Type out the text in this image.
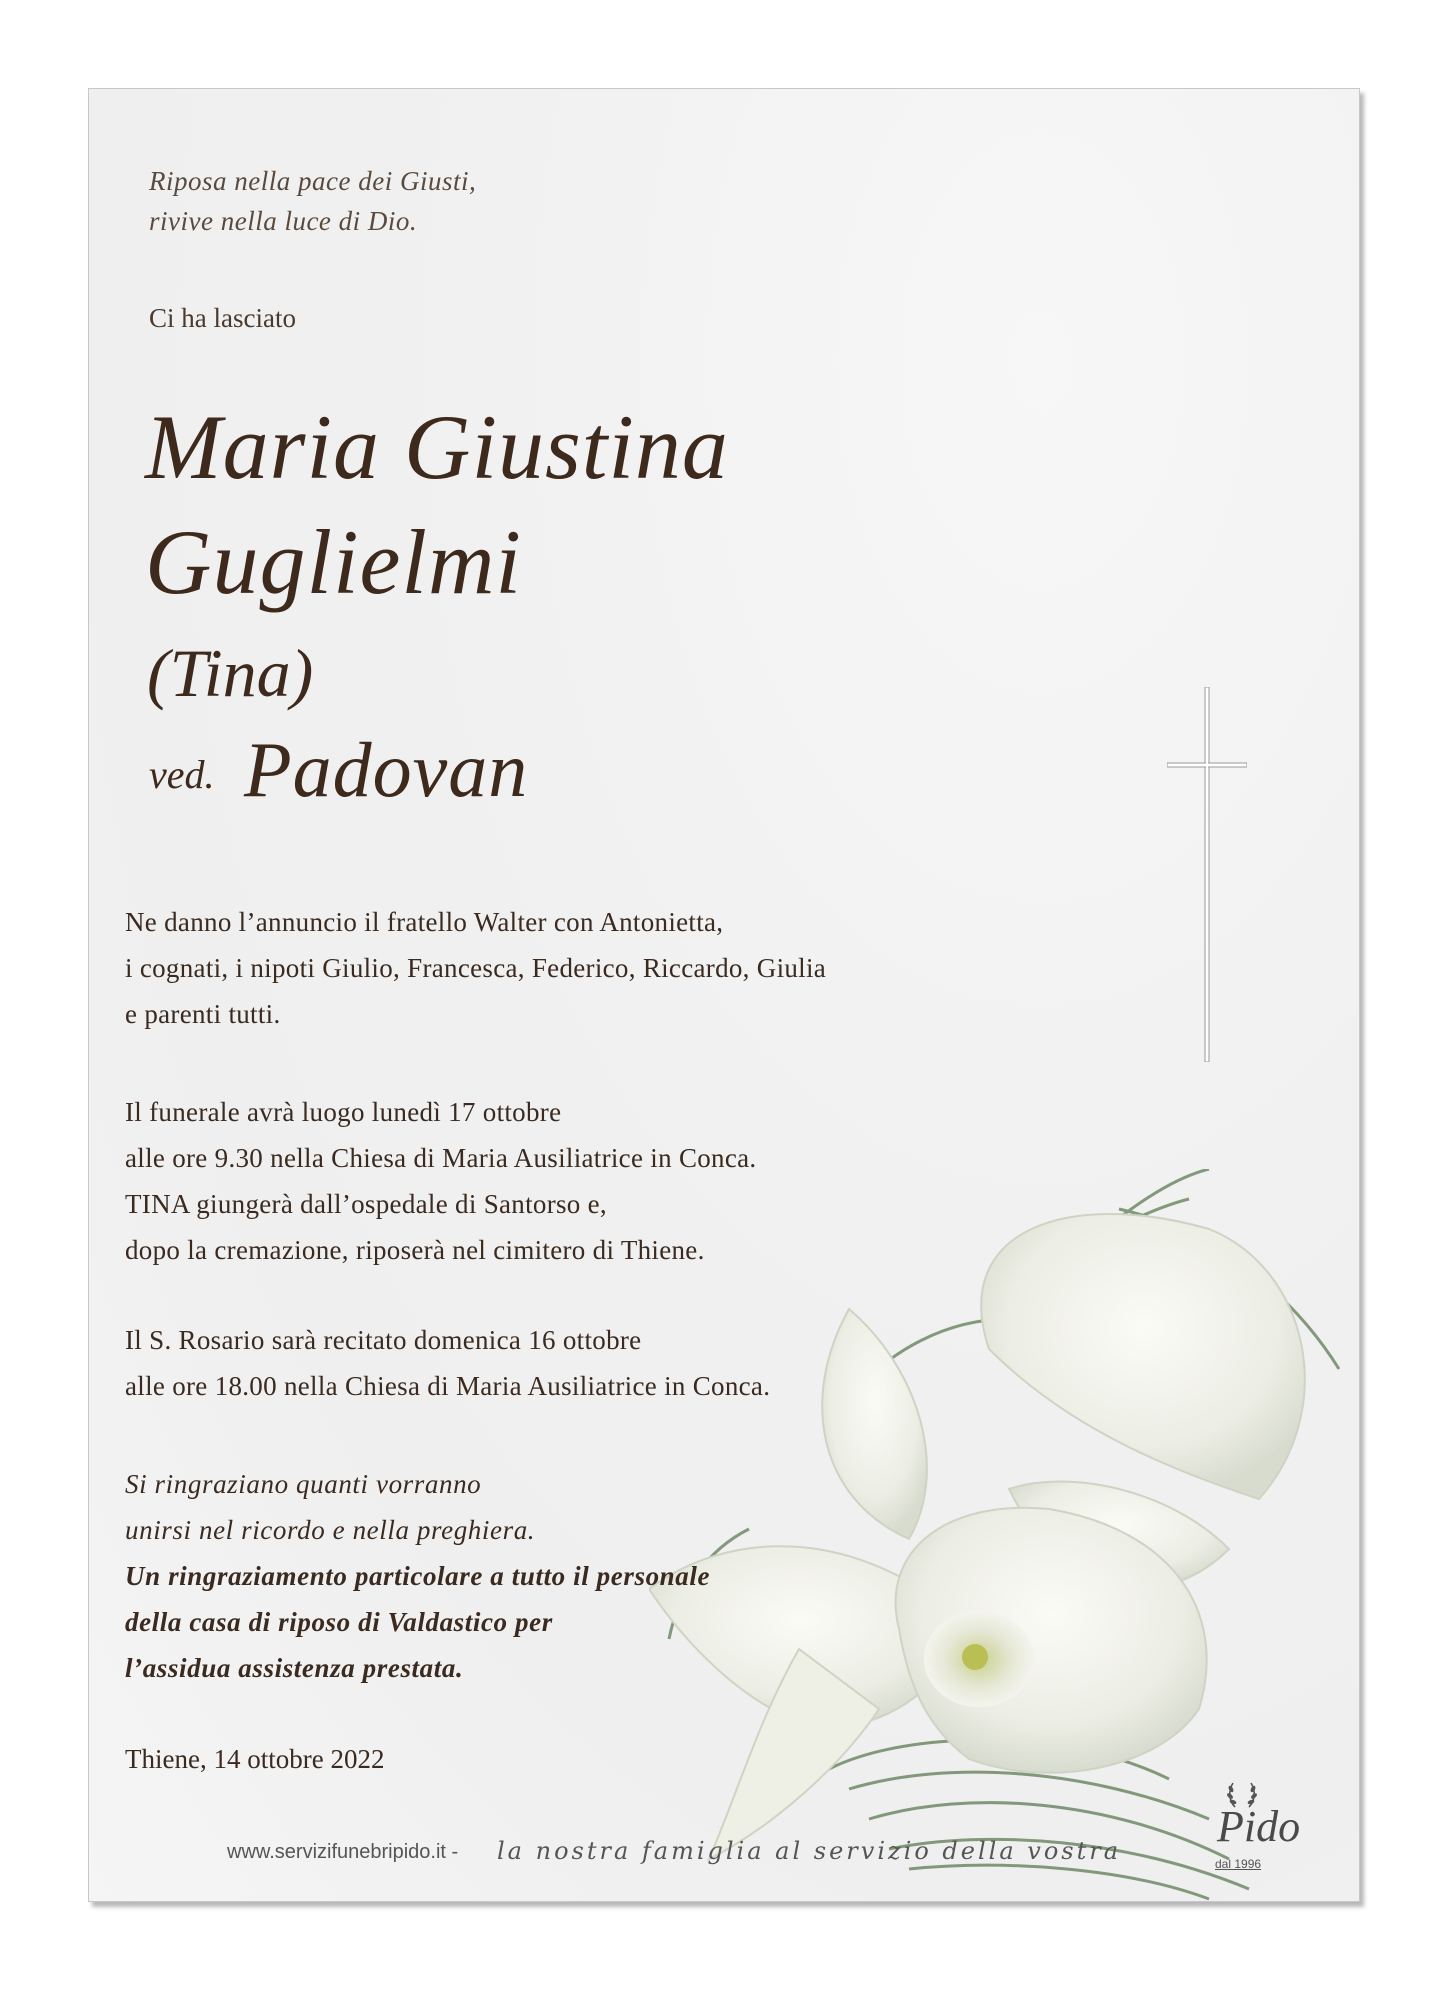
Riposa nella pace dei Giusti,
rivive nella luce di Dio.
Ci ha lasciato
Maria Giustina
Guglielmi
(Tina)
ved. Padovan
Ne danno l’annuncio il fratello Walter con Antonietta,
i cognati, i nipoti Giulio, Francesca, Federico, Riccardo, Giulia
e parenti tutti.
Il funerale avrà luogo lunedì 17 ottobre
alle ore 9.30 nella Chiesa di Maria Ausiliatrice in Conca.
TINA giungerà dall’ospedale di Santorso e,
dopo la cremazione, riposerà nel cimitero di Thiene.
Il S. Rosario sarà recitato domenica 16 ottobre
alle ore 18.00 nella Chiesa di Maria Ausiliatrice in Conca.
Si ringraziano quanti vorranno
unirsi nel ricordo e nella preghiera.
Un ringraziamento particolare a tutto il personale
della casa di riposo di Valdastico per
l’assidua assistenza prestata.
Thiene, 14 ottobre 2022
www.servizifunebripido.it - la nostra famiglia al servizio della vostra Pido
dal 1996
